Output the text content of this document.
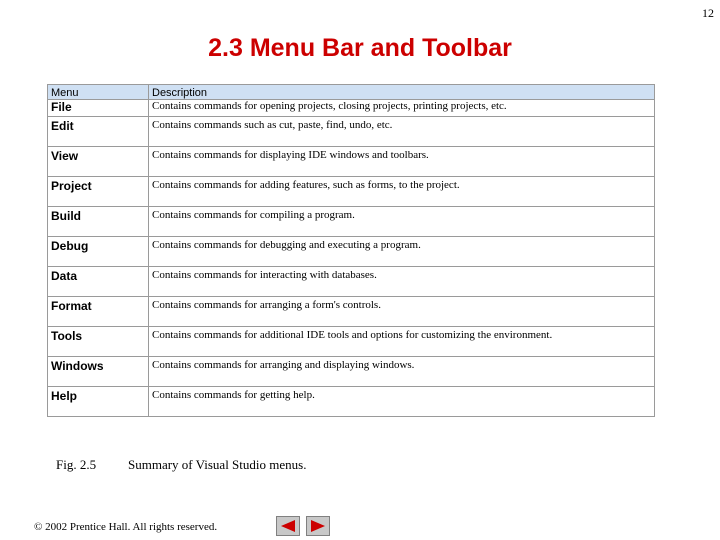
12
2.3 Menu Bar and Toolbar
Menu	Description
File	Contains commands for opening projects, closing projects, printing projects, etc.
Edit	Contains commands such as cut, paste, find, undo, etc.
View	Contains commands for displaying IDE windows and toolbars.
Project	Contains commands for adding features, such as forms, to the project.
Build	Contains commands for compiling a program.
Debug	Contains commands for debugging and executing a program.
Data	Contains commands for interacting with databases.
Format	Contains commands for arranging a form's controls.
Tools	Contains commands for additional IDE tools and options for customizing the environment.
Windows	Contains commands for arranging and displaying windows.
Help	Contains commands for getting help.
Fig. 2.5 Summary of Visual Studio menus.
© 2002 Prentice Hall. All rights reserved.
